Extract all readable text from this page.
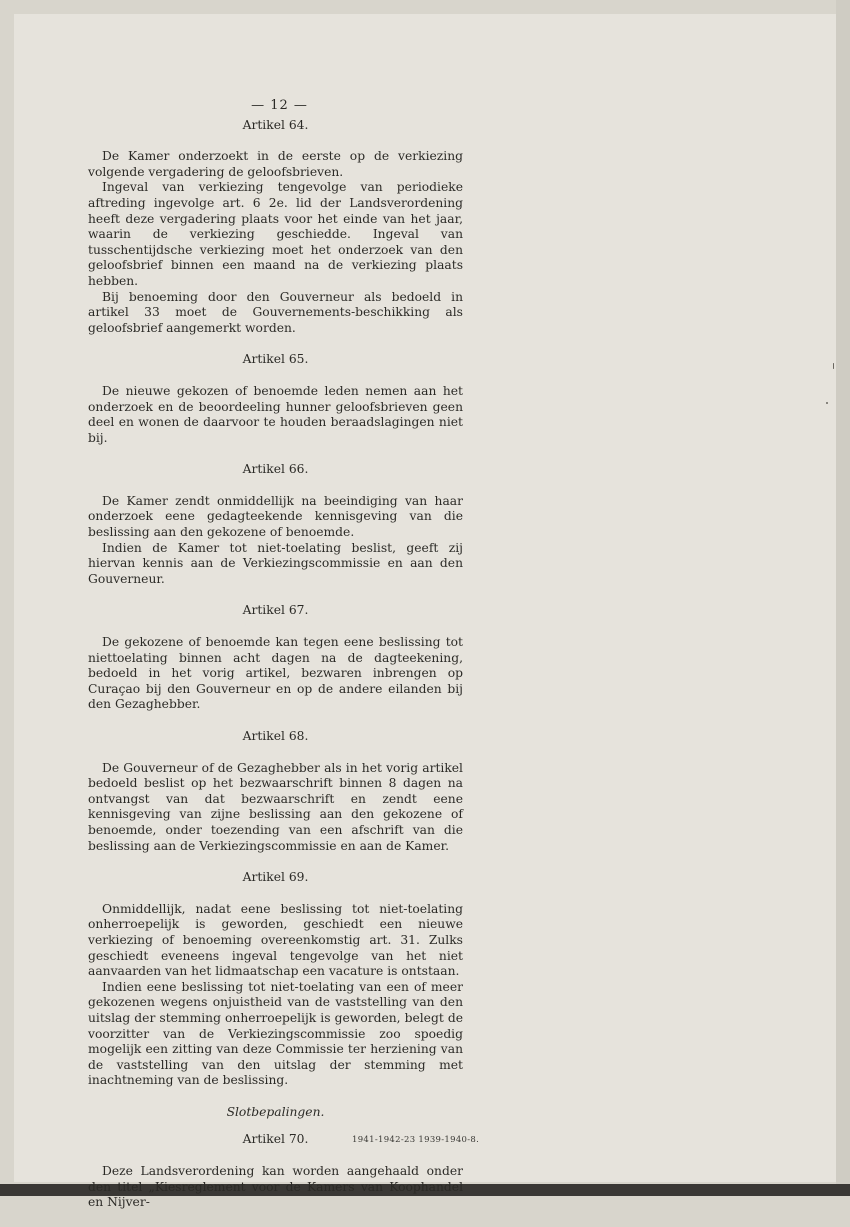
— 12 —
Artikel 64.

De Kamer onderzoekt in de eerste op de verkiezing volgende vergadering de geloofsbrieven.

Ingeval van verkiezing tengevolge van periodieke aftreding ingevolge art. 6 2e. lid der Landsverordening heeft deze vergadering plaats voor het einde van het jaar, waarin de verkiezing geschiedde. Ingeval van tusschentijdsche verkiezing moet het onderzoek van den geloofsbrief binnen een maand na de verkiezing plaats hebben.

Bij benoeming door den Gouverneur als bedoeld in artikel 33 moet de Gouvernements-beschikking als geloofsbrief aangemerkt worden.

Artikel 65.

De nieuwe gekozen of benoemde leden nemen aan het onderzoek en de beoordeeling hunner geloofsbrieven geen deel en wonen de daarvoor te houden beraadslagingen niet bij.

Artikel 66.

De Kamer zendt onmiddellijk na beeindiging van haar onderzoek eene gedagteekende kennisgeving van die beslissing aan den gekozene of benoemde.

Indien de Kamer tot niet-toelating beslist, geeft zij hiervan kennis aan de Verkiezingscommissie en aan den Gouverneur.

Artikel 67.

De gekozene of benoemde kan tegen eene beslissing tot niettoelating binnen acht dagen na de dagteekening, bedoeld in het vorig artikel, bezwaren inbrengen op Curaçao bij den Gouverneur en op de andere eilanden bij den Gezaghebber.

Artikel 68.

De Gouverneur of de Gezaghebber als in het vorig artikel bedoeld beslist op het bezwaarschrift binnen 8 dagen na ontvangst van dat bezwaarschrift en zendt eene kennisgeving van zijne beslissing aan den gekozene of benoemde, onder toezending van een afschrift van die beslissing aan de Verkiezingscommissie en aan de Kamer.

Artikel 69.

Onmiddellijk, nadat eene beslissing tot niet-toelating onherroepelijk is geworden, geschiedt een nieuwe verkiezing of benoeming overeenkomstig art. 31. Zulks geschiedt eveneens ingeval tengevolge van het niet aanvaarden van het lidmaatschap een vacature is ontstaan.

Indien eene beslissing tot niet-toelating van een of meer gekozenen wegens onjuistheid van de vaststelling van den uitslag der stemming onherroepelijk is geworden, belegt de voorzitter van de Verkiezingscommissie zoo spoedig mogelijk een zitting van deze Commissie ter herziening van de vaststelling van den uitslag der stemming met inachtneming van de beslissing.

Slotbepalingen.
Artikel 70.

Deze Landsverordening kan worden aangehaald onder den titel „Kiesreglement voor de Kamers van Koophandel en Nijver-

1941-1942-23 1939-1940-8.
